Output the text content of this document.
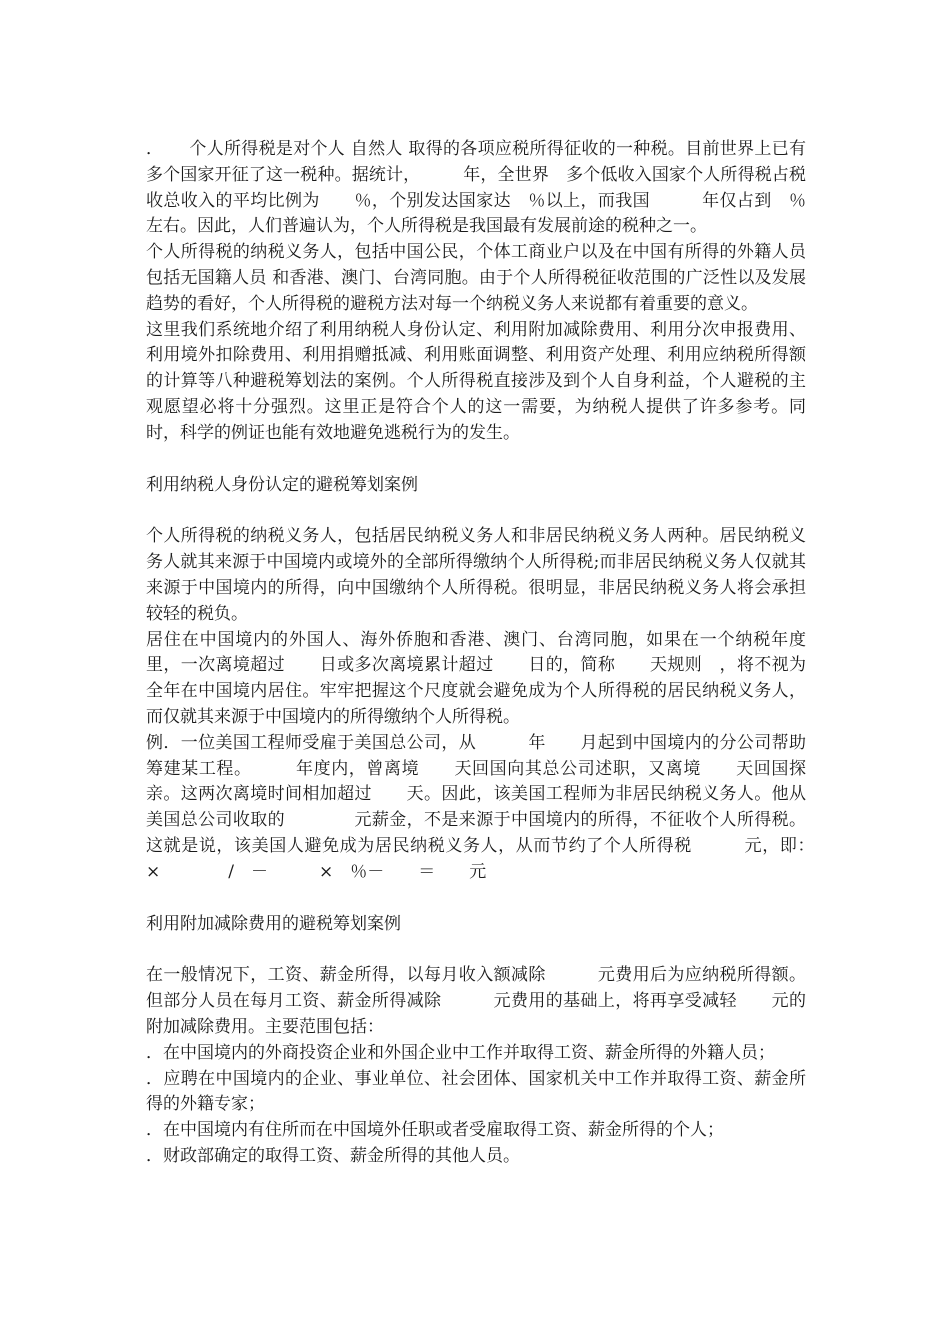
．　　个人所得税是对个人 自然人 取得的各项应税所得征收的一种税。目前世界上已有　　多个国家开征了这一税种。据统计，　　　年，全世界　多个低收入国家个人所得税占税收总收入的平均比例为　　％，个别发达国家达　％以上，而我国　　　年仅占到　％左右。因此，人们普遍认为，个人所得税是我国最有发展前途的税种之一。

个人所得税的纳税义务人，包括中国公民，个体工商业户以及在中国有所得的外籍人员 包括无国籍人员 和香港、澳门、台湾同胞。由于个人所得税征收范围的广泛性以及发展趋势的看好，个人所得税的避税方法对每一个纳税义务人来说都有着重要的意义。

这里我们系统地介绍了利用纳税人身份认定、利用附加减除费用、利用分次申报费用、利用境外扣除费用、利用捐赠抵减、利用账面调整、利用资产处理、利用应纳税所得额的计算等八种避税筹划法的案例。个人所得税直接涉及到个人自身利益，个人避税的主观愿望必将十分强烈。这里正是符合个人的这一需要，为纳税人提供了许多参考。同时，科学的例证也能有效地避免逃税行为的发生。

利用纳税人身份认定的避税筹划案例

个人所得税的纳税义务人，包括居民纳税义务人和非居民纳税义务人两种。居民纳税义务人就其来源于中国境内或境外的全部所得缴纳个人所得税;而非居民纳税义务人仅就其来源于中国境内的所得，向中国缴纳个人所得税。很明显，非居民纳税义务人将会承担较轻的税负。

居住在中国境内的外国人、海外侨胞和香港、澳门、台湾同胞，如果在一个纳税年度里，一次离境超过　　日或多次离境累计超过　　日的，简称　　天规则　，将不视为全年在中国境内居住。牢牢把握这个尺度就会避免成为个人所得税的居民纳税义务人，而仅就其来源于中国境内的所得缴纳个人所得税。

例．一位美国工程师受雇于美国总公司，从　　　年　　月起到中国境内的分公司帮助筹建某工程。　　　年度内，曾离境　　天回国向其总公司述职，又离境　　天回国探亲。这两次离境时间相加超过　　天。因此，该美国工程师为非居民纳税义务人。他从美国总公司收取的　　　　元薪金，不是来源于中国境内的所得，不征收个人所得税。这就是说，该美国人避免成为居民纳税义务人，从而节约了个人所得税　　　元，即：　　×　　　　/　－　　　×　％－　　＝　　元

利用附加减除费用的避税筹划案例

在一般情况下，工资、薪金所得，以每月收入额减除　　　元费用后为应纳税所得额。但部分人员在每月工资、薪金所得减除　　　元费用的基础上，将再享受减轻　　元的附加减除费用。主要范围包括：

．在中国境内的外商投资企业和外国企业中工作并取得工资、薪金所得的外籍人员；

．应聘在中国境内的企业、事业单位、社会团体、国家机关中工作并取得工资、薪金所得的外籍专家；

．在中国境内有住所而在中国境外任职或者受雇取得工资、薪金所得的个人；

．财政部确定的取得工资、薪金所得的其他人员。
